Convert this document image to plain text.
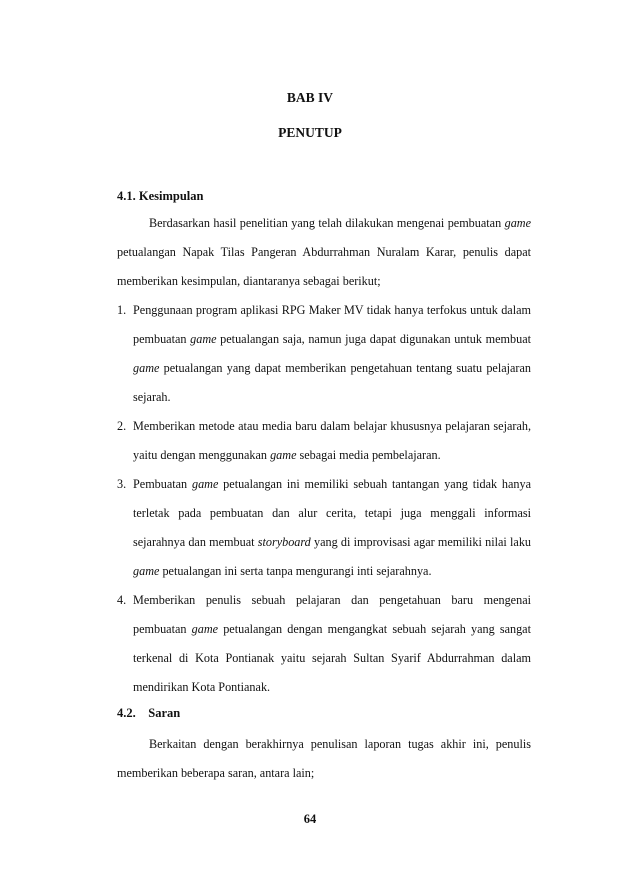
BAB IV
PENUTUP
4.1. Kesimpulan

Berdasarkan hasil penelitian yang telah dilakukan mengenai pembuatan game petualangan Napak Tilas Pangeran Abdurrahman Nuralam Karar, penulis dapat memberikan kesimpulan, diantaranya sebagai berikut;

1. Penggunaan program aplikasi RPG Maker MV tidak hanya terfokus untuk dalam pembuatan game petualangan saja, namun juga dapat digunakan untuk membuat game petualangan yang dapat memberikan pengetahuan tentang suatu pelajaran sejarah.
2. Memberikan metode atau media baru dalam belajar khususnya pelajaran sejarah, yaitu dengan menggunakan game sebagai media pembelajaran.
3. Pembuatan game petualangan ini memiliki sebuah tantangan yang tidak hanya terletak pada pembuatan dan alur cerita, tetapi juga menggali informasi sejarahnya dan membuat storyboard yang di improvisasi agar memiliki nilai laku game petualangan ini serta tanpa mengurangi inti sejarahnya.
4. Memberikan penulis sebuah pelajaran dan pengetahuan baru mengenai pembuatan game petualangan dengan mengangkat sebuah sejarah yang sangat terkenal di Kota Pontianak yaitu sejarah Sultan Syarif Abdurrahman dalam mendirikan Kota Pontianak.
4.2. Saran

Berkaitan dengan berakhirnya penulisan laporan tugas akhir ini, penulis memberikan beberapa saran, antara lain;

64
